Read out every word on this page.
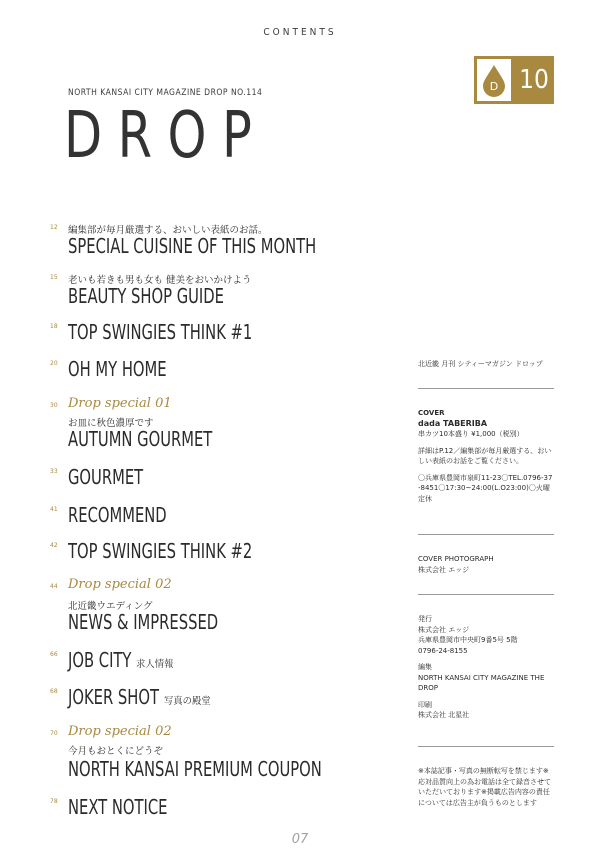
CONTENTS
NORTH KANSAI CITY MAGAZINE DROP NO.114
DROP
D 10
12 編集部が毎月厳選する、おいしい表紙のお話。
SPECIAL CUISINE OF THIS MONTH
15 老いも若きも男も女も 健美をおいかけよう
BEAUTY SHOP GUIDE
18 TOP SWINGIES THINK #1
20 OH MY HOME
30 Drop special 01
お皿に秋色濃厚です
AUTUMN GOURMET
33 GOURMET
41 RECOMMEND
42 TOP SWINGIES THINK #2
44 Drop special 02
北近畿ウエディング
NEWS & IMPRESSED
66 JOB CITY 求人情報
68 JOKER SHOT 写真の殿堂
70 Drop special 02
今月もおとくにどうぞ
NORTH KANSAI PREMIUM COUPON
78 NEXT NOTICE
北近畿 月刊 シティーマガジン ドロップ
COVER
dada TABERIBA
串カツ10本盛り ¥1,000（税別）
詳細はP.12／編集部が毎月厳選する、おいしい表紙のお話をご覧ください。
〇兵庫県豊岡市泉町11-23〇TEL.0796-37-8451〇17:30~24:00(L.O23:00)〇火曜定休
COVER PHOTOGRAPH
株式会社 エッジ
発行
株式会社 エッジ
兵庫県豊岡市中央町9番5号 5階
0796-24-8155
編集
NORTH KANSAI CITY MAGAZINE THE DROP
印刷
株式会社 北星社
※本誌記事・写真の無断転写を禁じます※応対品質向上の為お電話は全て録音させていただいております※掲載広告内容の責任については広告主が負うものとします
07
